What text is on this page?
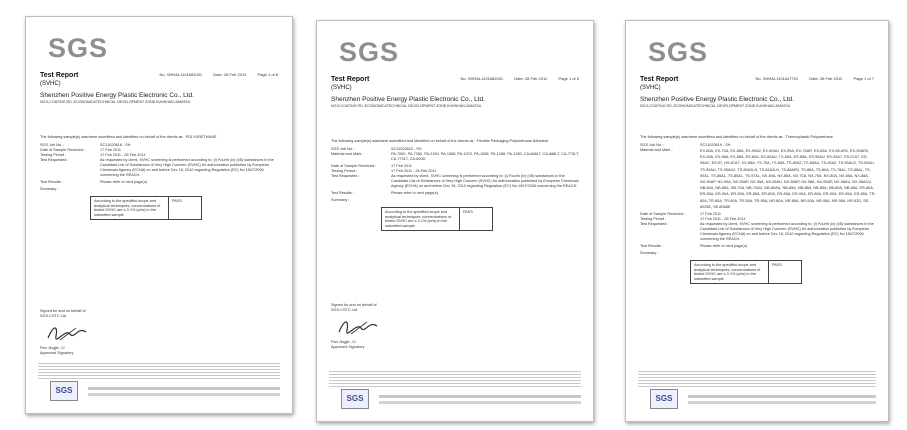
SGS
Test Report
(SVHC)
No. SHHAL1101681001	Date: 28 Feb 2012	Page 1 of 6
Shenzhen Positive Energy Plastic Electronic Co., Ltd.
NO.5,COATING RD.,ECONOMIC&TECHNICAL DEVELOPMENT ZONE,KUNSHAN,JIANGSU
The following sample(s) was/were submitted and identified on behalf of the clients as : POLYURETHANE
SGS Job No. :	SC11020818 - SH
Date of Sample Received :	17 Feb 2011
Testing Period :	17 Feb 2011 - 28 Feb 2011
Test Requested :	As requested by client, SVHC screening is performed according to: (i) Fourth (iv) (45) substances in the Candidate List of Substances of Very High Concern (SVHC) for authorization published by European Chemicals Agency (ECHA) on and before Dec 15, 2010 regarding Regulation (EC) No 1907/2006 concerning the REACH.
Test Results :	Please refer to next page(s).
Summary :
According to the specified scope and analytical techniques, concentrations of tested SVHC are ≤ 0.1% (w/w) in the submitted sample.
PASS
Signed for and on behalf of
SGS-CSTC Ltd.
Pan Jingjie, JJ
Approved Signatory
SGS
SGS
Test Report
(SVHC)
No. SHHAL1101682001	Date: 28 Feb 2012	Page 1 of 6
Shenzhen Positive Energy Plastic Electronic Co., Ltd.
NO.5,COATING RD.,ECONOMIC&TECHNICAL DEVELOPMENT ZONE,KUNSHAN,JIANGSU
The following sample(s) was/were submitted and identified on behalf of the clients as : Flexible Packaging Polyurethane Adhesive
SGS Job No. :	SC11020820 - SH
Material and Mark :	PA-7060, PA-7260, PA-2160, PA-1068, PA-1070, PA-1068, PA-1268, PA-1280, CA-668LT, CA-668LT, CA-770LT, CA-770LT, CA-600D
Date of Sample Received :	17 Feb 2011
Testing Period :	17 Feb 2011 - 28 Feb 2011
Test Requested :	As requested by client, SVHC screening is performed according to: (i) Fourth (iv) (45) substances in the Candidate List of Substances of Very High Concern (SVHC) for authorization published by European Chemicals Agency (ECHA) on and before Dec 15, 2010 regarding Regulation (EC) No 1907/2006 concerning the REACH.
Test Results :	Please refer to next page(s).
Summary :
According to the specified scope and analytical techniques, concentrations of tested SVHC are ≤ 0.1% (w/w) in the submitted sample.
PASS
Signed for and on behalf of
SGS-CSTC Ltd.
Pan Jingjie, JJ
Approved Signatory
SGS
SGS
Test Report
(SVHC)
No. SHHAL1101647701	Date: 28 Feb 2012	Page 1 of 7
Shenzhen Positive Energy Plastic Electronic Co., Ltd.
NO.5,COATING RD.,ECONOMIC&TECHNICAL DEVELOPMENT ZONE,KUNSHAN,JIANGSU
The following sample(s) was/were submitted and identified on behalf of the clients as : Thermoplastic Polyurethane
SGS Job No. :	SC11020819 - SH
Material and Mark :	EX-80A, EX-70A, EX-85A, EX-90A2, EX-90AU, EX-95A, EX-75AR, EX-85A, EX-85 AR2, EX-90AR2, EX-90A, EX-98A, EX-85A, ES-60A, ES-60AU, TX-80A, ES-85A, ES-90AU, ES-95A7, ES-97A7, ES-95AC, ES-97, HS-87A7, HY-85A, TS-75A, TS-85A, TS-80A2, TS-85AU, TS-90A2, TS-95AU2, TS-90AU, TS-90AU, TS-95AU2, TS-80A2LN, TS-82A2LN, TS-88AR0, TS-88A, TS-80A, TS-78AL, TS-88AL, TS-90AL, TS-85AL, TS-85AL, TS-97AL, NX-80A, NX-85A, NX-70A, NX-75A, NX-80A, NX-85A, NX-88A, NX-90AP, NX-90A, NX-95AP, NX-95A, NX-95AU, NX-98AP, NX-98A, NX-95AP, NX-98AU, NX-98ACU, NB-80A, NB-85A, NB-70A, NB-70AU, NB-80AU, NB-85A, NB-88A, NB-85A, NB-80A, NB-85A, ER-80A, ER-85A, ER-90A, ER-95A, ER-85A, ER-80A, ER-85A, ER-90A, ER-85A, ER-90A, ER-95A, ER-85A, TR-80A, TR-85A, TR-90A, TR-95A, TR-95A, NR-80A, NR-85A, NR-90A, NR-95A, NR-98A, NR-62D, SE-6026E, SE-6068E
Date of Sample Received :	17 Feb 2011
Testing Period :	17 Feb 2011 - 28 Feb 2011
Test Requested :	As requested by client, SVHC screening is performed according to: (i) Fourth (iv) (45) substances in the Candidate List of Substances of Very High Concern (SVHC) for authorization published by European Chemicals Agency (ECHA) on and before Dec 15, 2010 regarding Regulation (EC) No 1907/2006 concerning the REACH.
Test Results :	Please refer to next page(s).
Summary :
According to the specified scope and analytical techniques, concentrations of tested SVHC are ≤ 0.1% (w/w) in the submitted sample.
PASS
SGS
